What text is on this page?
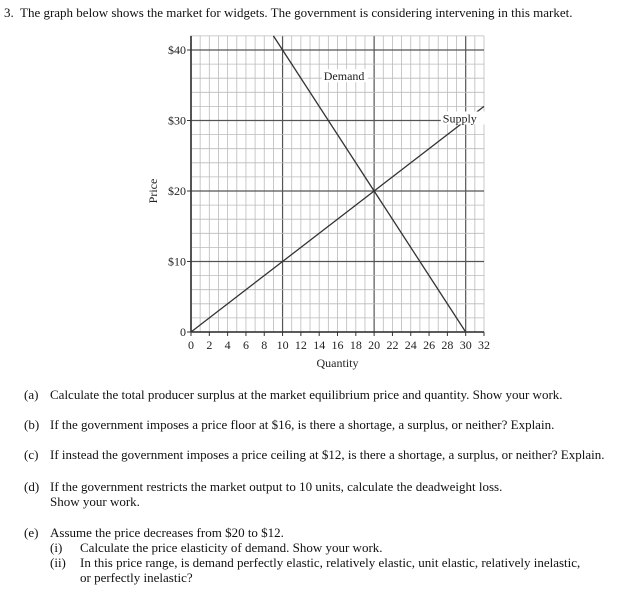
0 2 4 6 8 10 12 14 16 18 20 22 24 26 28 30 32
0
$10
$20
$30
$40
Demand
Supply
Quantity
Price
3. The graph below shows the market for widgets. The government is considering intervening in this market.
(a) Calculate the total producer surplus at the market equilibrium price and quantity. Show your work.
(b) If the government imposes a price floor at $16, is there a shortage, a surplus, or neither? Explain.
(c) If instead the government imposes a price ceiling at $12, is there a shortage, a surplus, or neither? Explain.
(d) If the government restricts the market output to 10 units, calculate the deadweight loss.
Show your work.
(e) Assume the price decreases from $20 to $12.
(i) Calculate the price elasticity of demand. Show your work.
(ii) In this price range, is demand perfectly elastic, relatively elastic, unit elastic, relatively inelastic,
or perfectly inelastic?
